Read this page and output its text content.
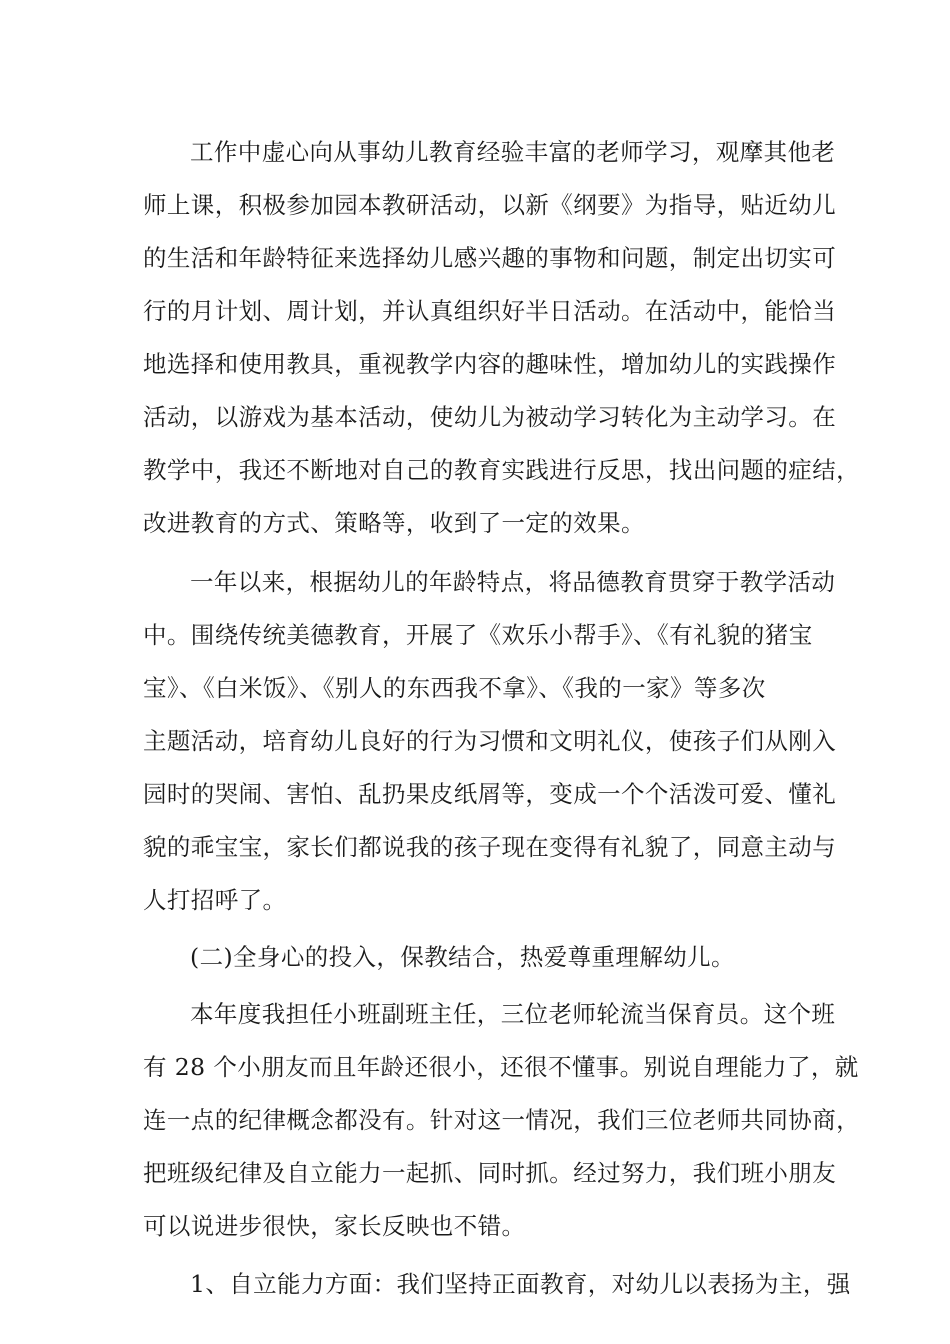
工作中虚心向从事幼儿教育经验丰富的老师学习，观摩其他老
师上课，积极参加园本教研活动，以新《纲要》为指导，贴近幼儿
的生活和年龄特征来选择幼儿感兴趣的事物和问题，制定出切实可
行的月计划、周计划，并认真组织好半日活动。在活动中，能恰当
地选择和使用教具，重视教学内容的趣味性，增加幼儿的实践操作
活动，以游戏为基本活动，使幼儿为被动学习转化为主动学习。在
教学中，我还不断地对自己的教育实践进行反思，找出问题的症结，
改进教育的方式、策略等，收到了一定的效果。
一年以来，根据幼儿的年龄特点，将品德教育贯穿于教学活动
中。围绕传统美德教育，开展了《欢乐小帮手》、《有礼貌的猪宝
宝》、《白米饭》、《别人的东西我不拿》、《我的一家》等多次
主题活动，培育幼儿良好的行为习惯和文明礼仪，使孩子们从刚入
园时的哭闹、害怕、乱扔果皮纸屑等，变成一个个活泼可爱、懂礼
貌的乖宝宝，家长们都说我的孩子现在变得有礼貌了，同意主动与
人打招呼了。
(二)全身心的投入，保教结合，热爱尊重理解幼儿。
本年度我担任小班副班主任，三位老师轮流当保育员。这个班
有 28 个小朋友而且年龄还很小，还很不懂事。别说自理能力了，就
连一点的纪律概念都没有。针对这一情况，我们三位老师共同协商，
把班级纪律及自立能力一起抓、同时抓。经过努力，我们班小朋友
可以说进步很快，家长反映也不错。
1、自立能力方面：我们坚持正面教育，对幼儿以表扬为主，强
